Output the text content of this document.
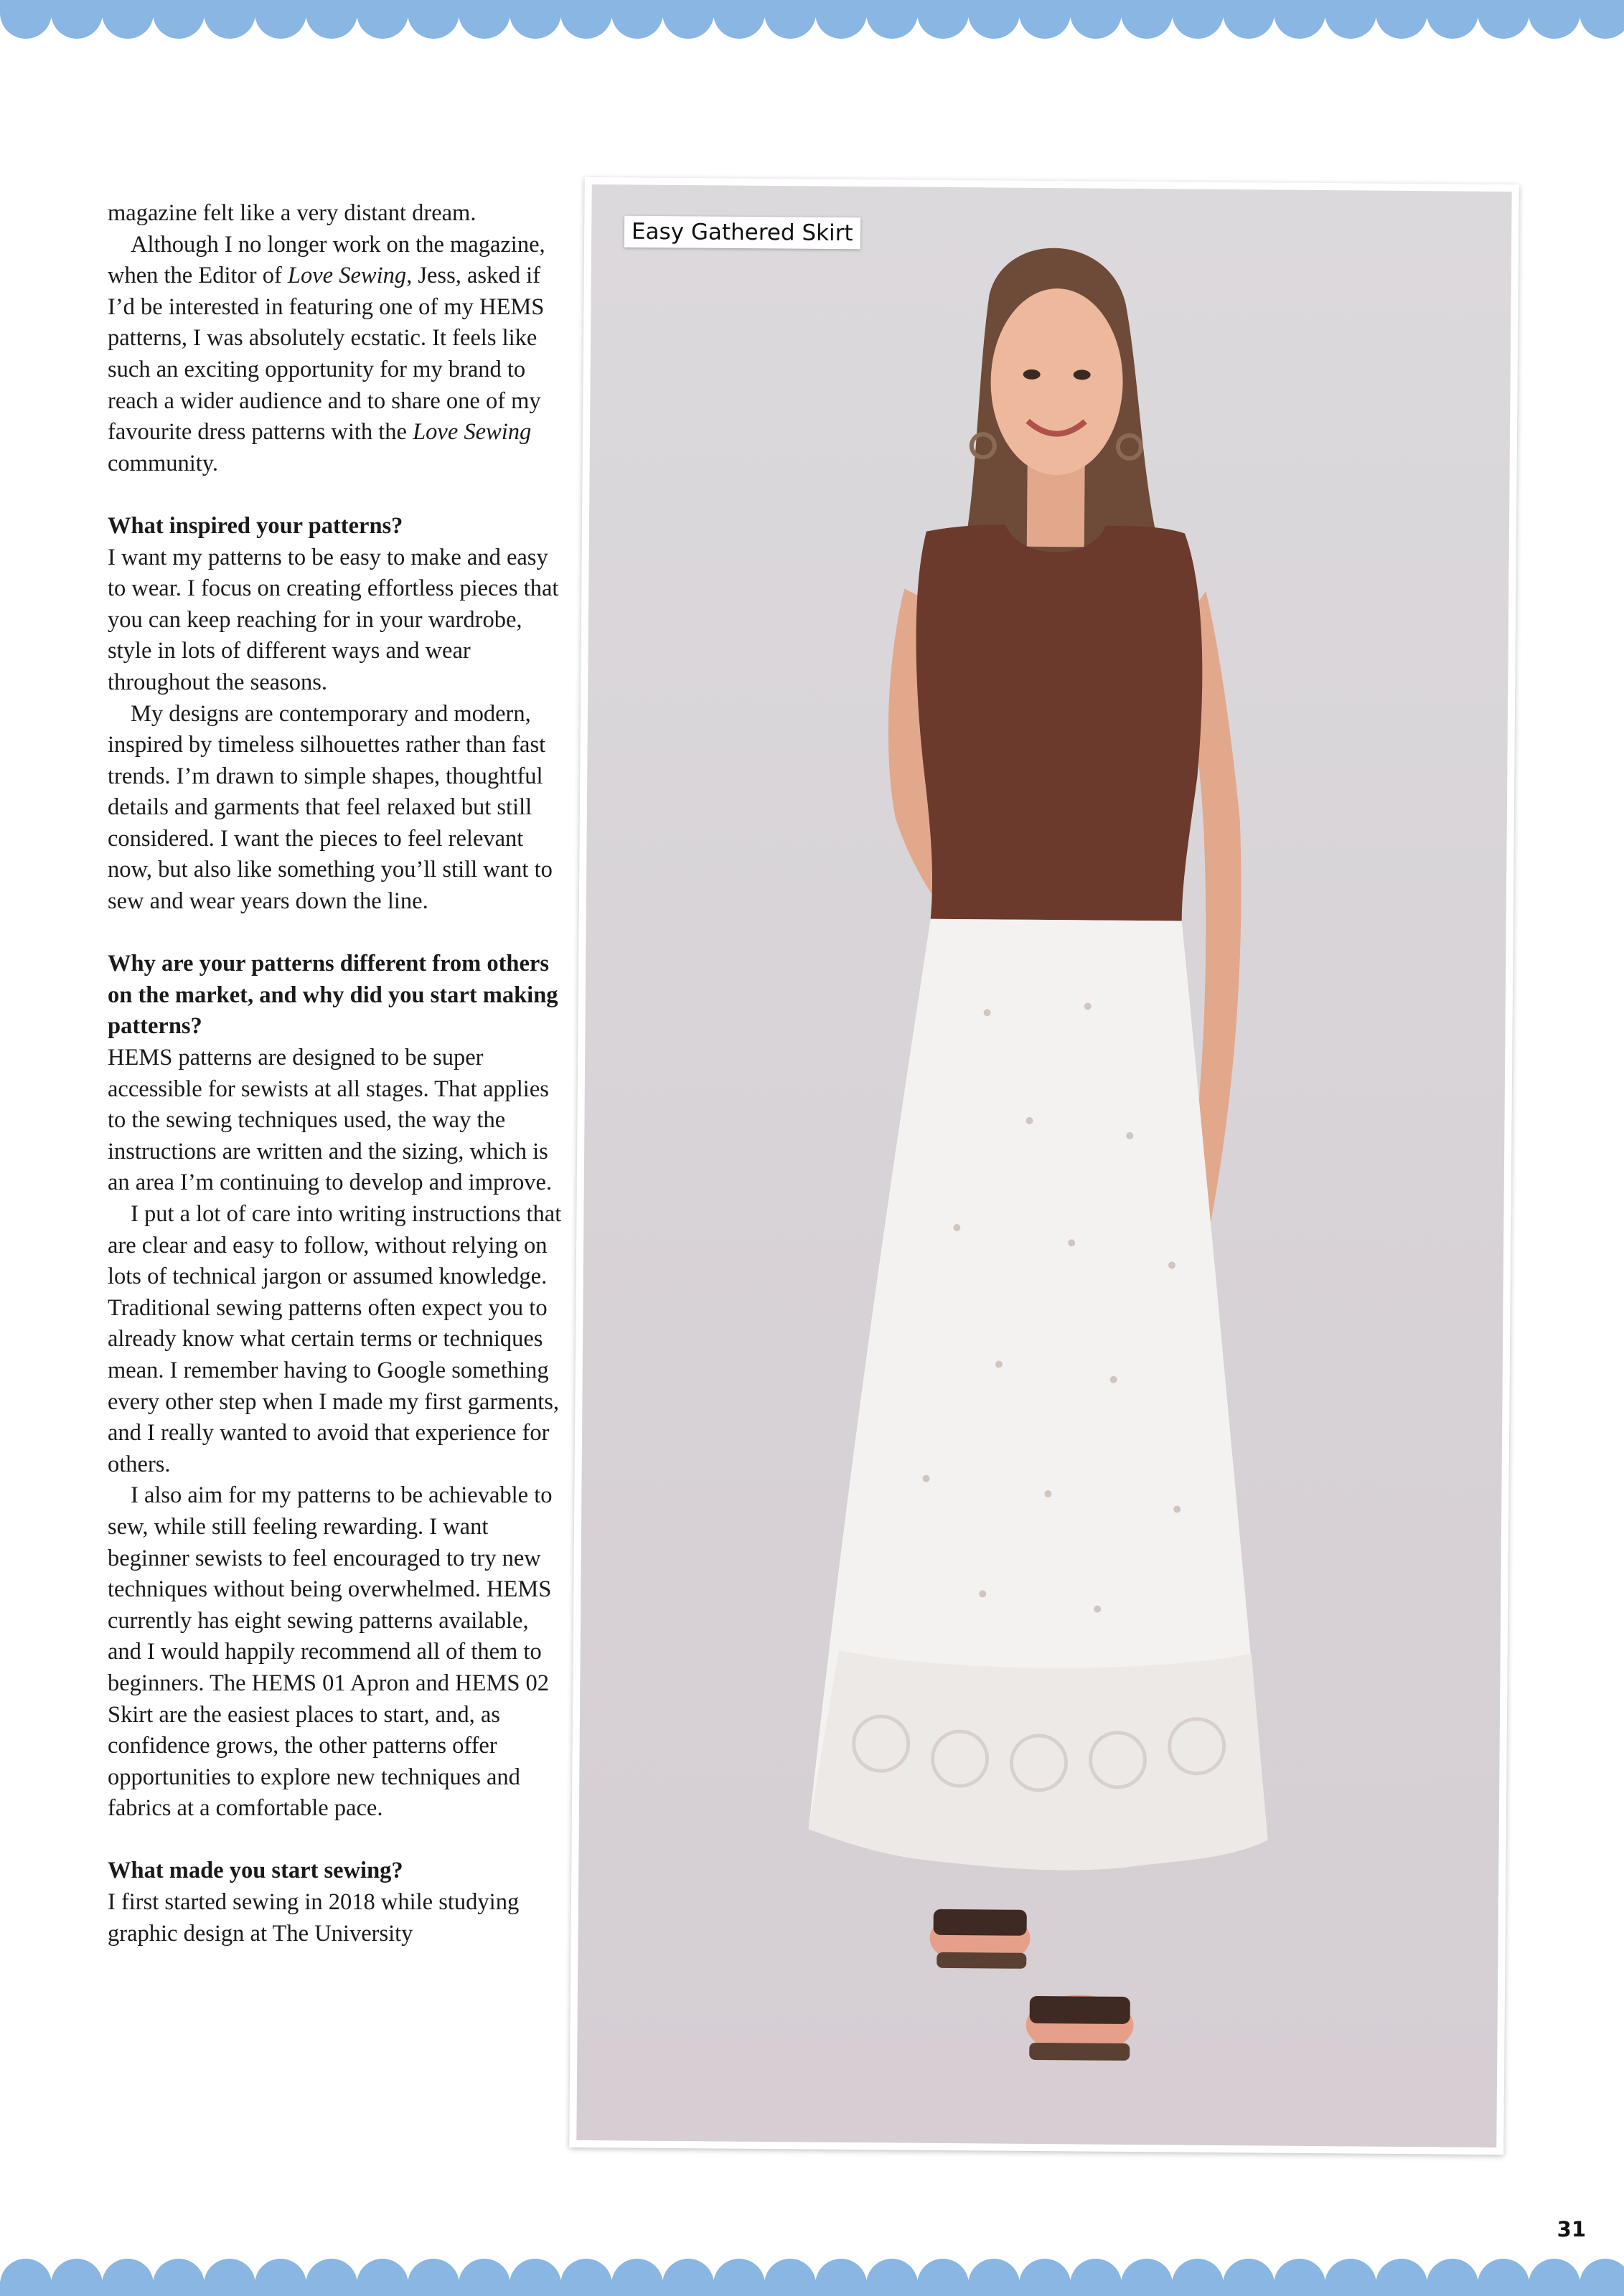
magazine felt like a very distant dream.

Although I no longer work on the magazine, when the Editor of Love Sewing, Jess, asked if I’d be interested in featuring one of my HEMS patterns, I was absolutely ecstatic. It feels like such an exciting opportunity for my brand to reach a wider audience and to share one of my favourite dress patterns with the Love Sewing community.

What inspired your patterns?

I want my patterns to be easy to make and easy to wear. I focus on creating effortless pieces that you can keep reaching for in your wardrobe, style in lots of different ways and wear throughout the seasons.

My designs are contemporary and modern, inspired by timeless silhouettes rather than fast trends. I’m drawn to simple shapes, thoughtful details and garments that feel relaxed but still considered. I want the pieces to feel relevant now, but also like something you’ll still want to sew and wear years down the line.

Why are your patterns different from others on the market, and why did you start making patterns?

HEMS patterns are designed to be super accessible for sewists at all stages. That applies to the sewing techniques used, the way the instructions are written and the sizing, which is an area I’m continuing to develop and improve.

I put a lot of care into writing instructions that are clear and easy to follow, without relying on lots of technical jargon or assumed knowledge. Traditional sewing patterns often expect you to already know what certain terms or techniques mean. I remember having to Google something every other step when I made my first garments, and I really wanted to avoid that experience for others.

I also aim for my patterns to be achievable to sew, while still feeling rewarding. I want beginner sewists to feel encouraged to try new techniques without being overwhelmed. HEMS currently has eight sewing patterns available, and I would happily recommend all of them to beginners. The HEMS 01 Apron and HEMS 02 Skirt are the easiest places to start, and, as confidence grows, the other patterns offer opportunities to explore new techniques and fabrics at a comfortable pace.

What made you start sewing?

I first started sewing in 2018 while studying graphic design at The University

Easy Gathered Skirt
31
